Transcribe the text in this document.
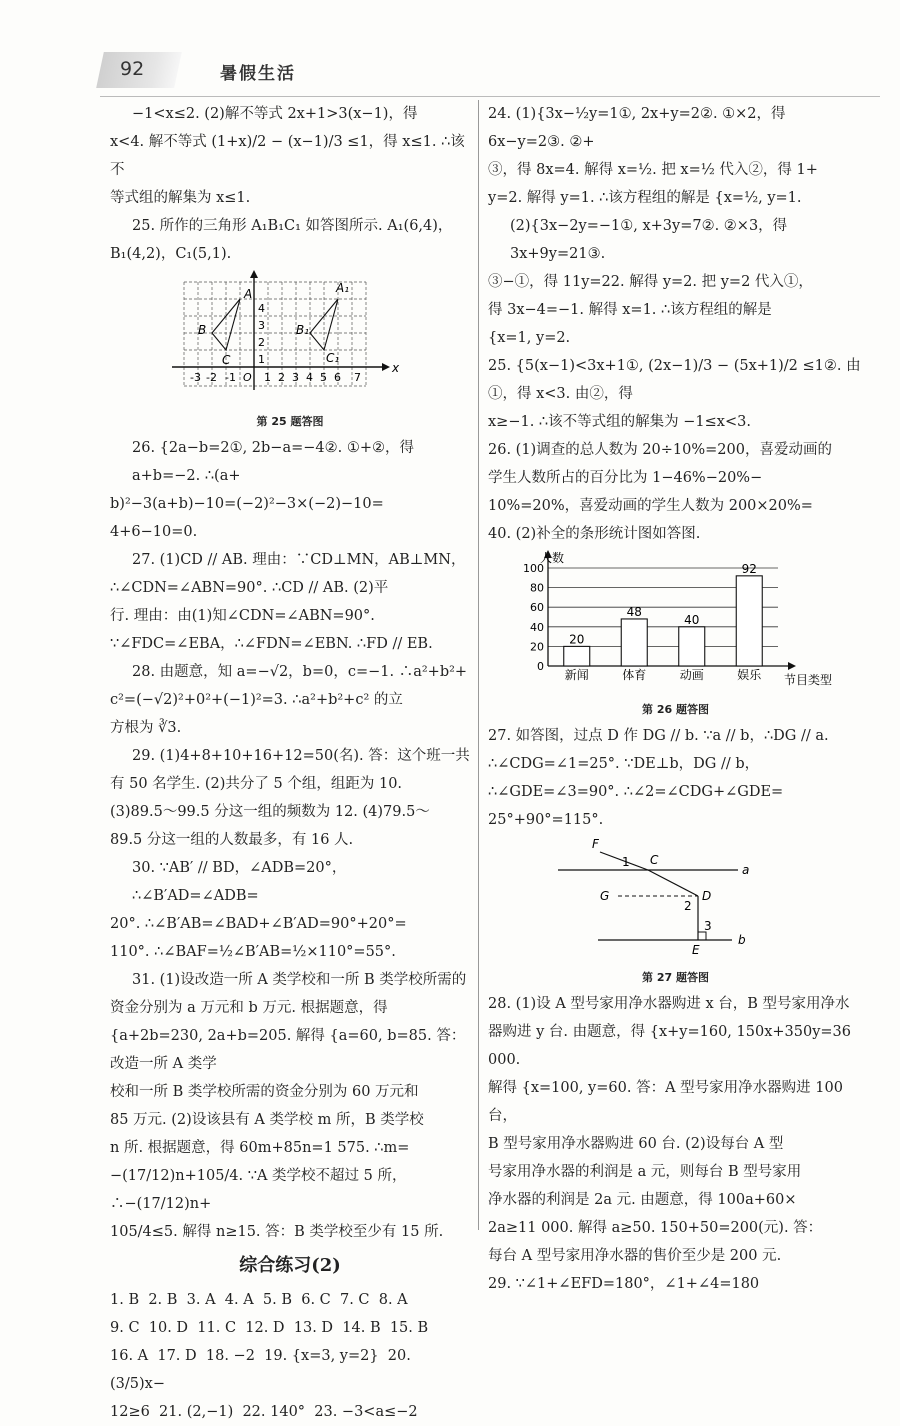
92	暑假生活

−1<x≤2. (2)解不等式 2x+1>3(x−1)，得

x<4. 解不等式 (1+x)/2 − (x−1)/3 ≤1，得 x≤1. ∴该不

等式组的解集为 x≤1.

25. 所作的三角形 A₁B₁C₁ 如答图所示. A₁(6,4)，

B₁(4,2)，C₁(5,1).

x
-3 -2 -1 O 1 2 3 4 5 6 7
1
2
3
4
A
B
C
A₁
B₁
C₁
第 25 题答图

26. {2a−b=2①, 2b−a=−4②. ①+②，得 a+b=−2. ∴(a+

b)²−3(a+b)−10=(−2)²−3×(−2)−10=

4+6−10=0.

27. (1)CD // AB. 理由：∵CD⊥MN，AB⊥MN，

∴∠CDN=∠ABN=90°. ∴CD // AB. (2)平

行. 理由：由(1)知∠CDN=∠ABN=90°.

∵∠FDC=∠EBA，∴∠FDN=∠EBN. ∴FD // EB.

28. 由题意，知 a=−√2，b=0，c=−1. ∴a²+b²+

c²=(−√2)²+0²+(−1)²=3. ∴a²+b²+c² 的立

方根为 ∛3.

29. (1)4+8+10+16+12=50(名). 答：这个班一共

有 50 名学生. (2)共分了 5 个组，组距为 10.

(3)89.5～99.5 分这一组的频数为 12. (4)79.5～

89.5 分这一组的人数最多，有 16 人.

30. ∵AB′ // BD，∠ADB=20°，∴∠B′AD=∠ADB=

20°. ∴∠B′AB=∠BAD+∠B′AD=90°+20°=

110°. ∴∠BAF=½∠B′AB=½×110°=55°.

31. (1)设改造一所 A 类学校和一所 B 类学校所需的

资金分别为 a 万元和 b 万元. 根据题意，得

{a+2b=230, 2a+b=205. 解得 {a=60, b=85. 答：改造一所 A 类学

校和一所 B 类学校所需的资金分别为 60 万元和

85 万元. (2)设该县有 A 类学校 m 所，B 类学校

n 所. 根据题意，得 60m+85n=1 575. ∴m=

−(17/12)n+105/4. ∵A 类学校不超过 5 所，∴−(17/12)n+

105/4≤5. 解得 n≥15. 答：B 类学校至少有 15 所.

综合练习(2)

1. B  2. B  3. A  4. A  5. B  6. C  7. C  8. A

9. C  10. D  11. C  12. D  13. D  14. B  15. B

16. A  17. D  18. −2  19. {x=3, y=2}  20. (3/5)x−

12≥6  21. (2,−1)  22. 140°  23. −3<a≤−2

24. (1){3x−½y=1①, 2x+y=2②. ①×2，得 6x−y=2③. ②+

③，得 8x=4. 解得 x=½. 把 x=½ 代入②，得 1+

y=2. 解得 y=1. ∴该方程组的解是 {x=½, y=1.

(2){3x−2y=−1①, x+3y=7②. ②×3，得 3x+9y=21③.

③−①，得 11y=22. 解得 y=2. 把 y=2 代入①，

得 3x−4=−1. 解得 x=1. ∴该方程组的解是

{x=1, y=2.

25. {5(x−1)<3x+1①, (2x−1)/3 − (5x+1)/2 ≤1②. 由①，得 x<3. 由②，得

x≥−1. ∴该不等式组的解集为 −1≤x<3.

26. (1)调查的总人数为 20÷10%=200，喜爱动画的

学生人数所占的百分比为 1−46%−20%−

10%=20%，喜爱动画的学生人数为 200×20%=

40. (2)补全的条形统计图如答图.

0
20
40
60
80
100
20
新闻
48
体育
40
动画
92
娱乐
人数
节目类型
第 26 题答图

27. 如答图，过点 D 作 DG // b. ∵a // b，∴DG // a.

∴∠CDG=∠1=25°. ∵DE⊥b，DG // b，

∴∠GDE=∠3=90°. ∴∠2=∠CDG+∠GDE=

25°+90°=115°.

F
C
1
a
G	D
2
3
E
b
第 27 题答图

28. (1)设 A 型号家用净水器购进 x 台，B 型号家用净水

器购进 y 台. 由题意，得 {x+y=160, 150x+350y=36 000.

解得 {x=100, y=60. 答：A 型号家用净水器购进 100 台，

B 型号家用净水器购进 60 台. (2)设每台 A 型

号家用净水器的利润是 a 元，则每台 B 型号家用

净水器的利润是 2a 元. 由题意，得 100a+60×

2a≥11 000. 解得 a≥50. 150+50=200(元). 答：

每台 A 型号家用净水器的售价至少是 200 元.

29. ∵∠1+∠EFD=180°，∠1+∠4=180
